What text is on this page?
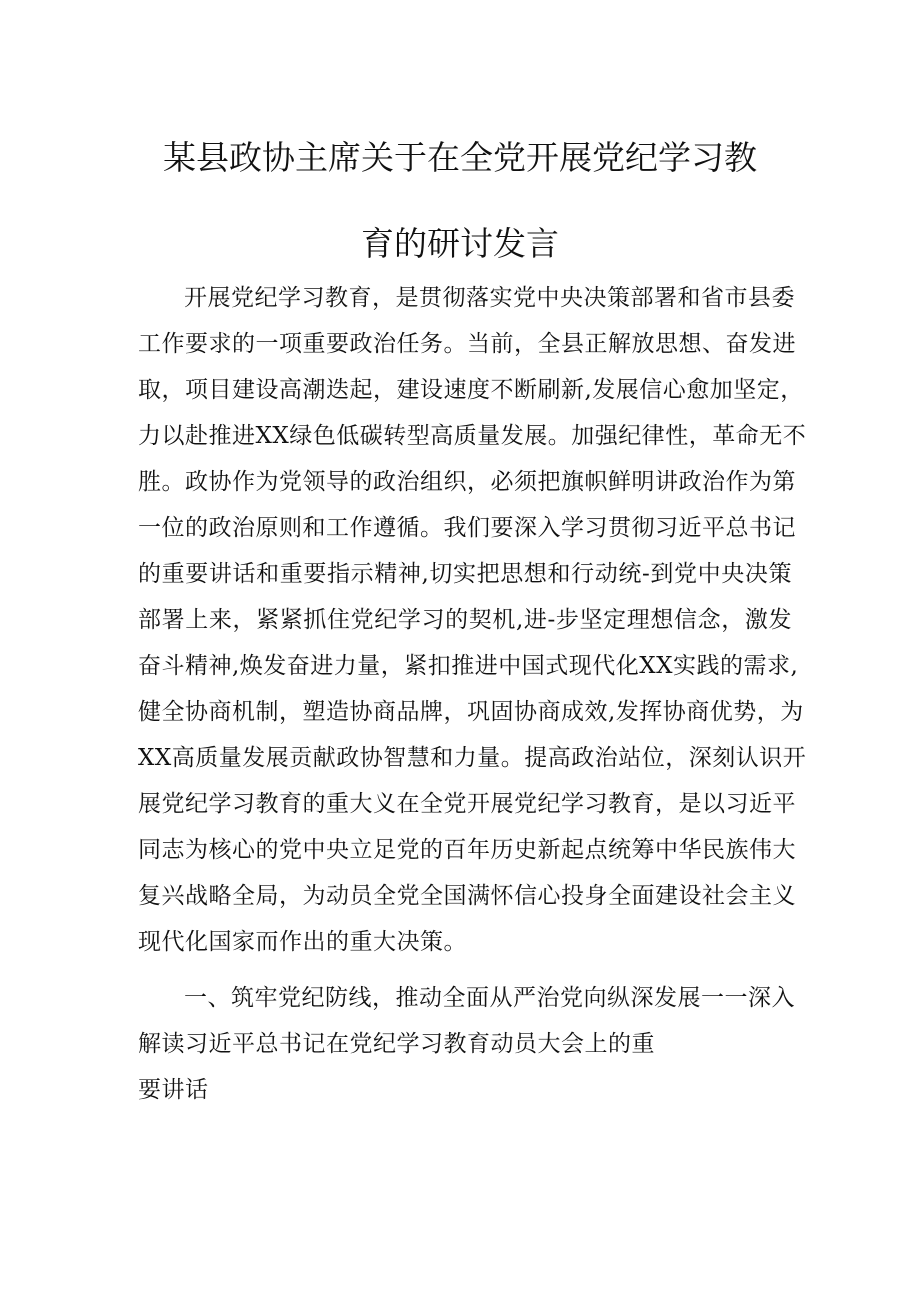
某县政协主席关于在全党开展党纪学习教
育的研讨发言
开展党纪学习教育，是贯彻落实党中央决策部署和省市县委
工作要求的一项重要政治任务。当前，全县正解放思想、奋发进
取，项目建设高潮迭起，建设速度不断刷新,发展信心愈加坚定，
力以赴推进XX绿色低碳转型高质量发展。加强纪律性，革命无不
胜。政协作为党领导的政治组织，必须把旗帜鲜明讲政治作为第
一位的政治原则和工作遵循。我们要深入学习贯彻习近平总书记
的重要讲话和重要指示精神,切实把思想和行动统-到党中央决策
部署上来，紧紧抓住党纪学习的契机,进-步坚定理想信念，激发
奋斗精神,焕发奋进力量，紧扣推进中国式现代化XX实践的需求,
健全协商机制，塑造协商品牌，巩固协商成效,发挥协商优势，为
XX高质量发展贡献政协智慧和力量。提高政治站位，深刻认识开
展党纪学习教育的重大义在全党开展党纪学习教育，是以习近平
同志为核心的党中央立足党的百年历史新起点统筹中华民族伟大
复兴战略全局，为动员全党全国满怀信心投身全面建设社会主义
现代化国家而作出的重大决策。
一、筑牢党纪防线，推动全面从严治党向纵深发展一一深入
解读习近平总书记在党纪学习教育动员大会上的重
要讲话
